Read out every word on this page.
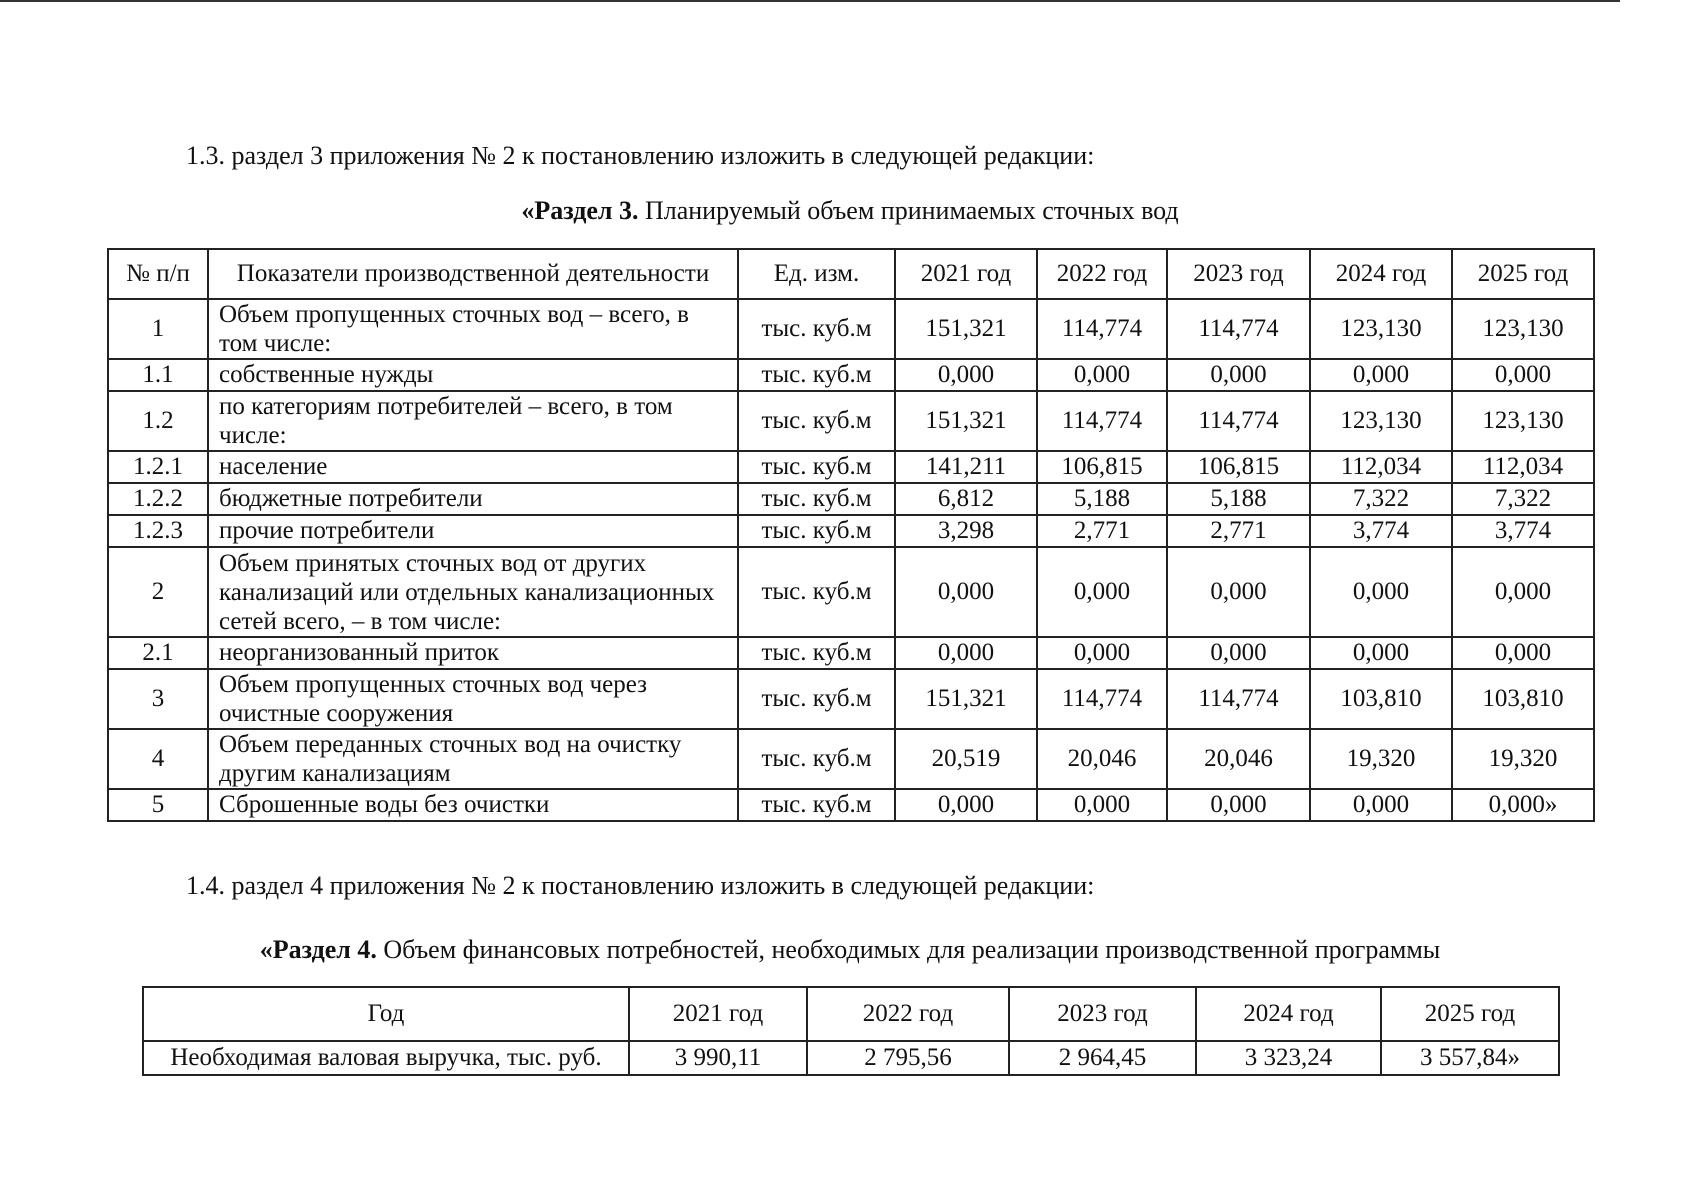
1.3. раздел 3 приложения № 2 к постановлению изложить в следующей редакции:
«Раздел 3. Планируемый объем принимаемых сточных вод
№ п/п	Показатели производственной деятельности	Ед. изм.	2021 год	2022 год	2023 год	2024 год	2025 год
1	Объем пропущенных сточных вод – всего, в том числе:	тыс. куб.м	151,321	114,774	114,774	123,130	123,130
1.1	собственные нужды	тыс. куб.м	0,000	0,000	0,000	0,000	0,000
1.2	по категориям потребителей – всего, в том числе:	тыс. куб.м	151,321	114,774	114,774	123,130	123,130
1.2.1	население	тыс. куб.м	141,211	106,815	106,815	112,034	112,034
1.2.2	бюджетные потребители	тыс. куб.м	6,812	5,188	5,188	7,322	7,322
1.2.3	прочие потребители	тыс. куб.м	3,298	2,771	2,771	3,774	3,774
2	Объем принятых сточных вод от других канализаций или отдельных канализационных сетей всего, – в том числе:	тыс. куб.м	0,000	0,000	0,000	0,000	0,000
2.1	неорганизованный приток	тыс. куб.м	0,000	0,000	0,000	0,000	0,000
3	Объем пропущенных сточных вод через очистные сооружения	тыс. куб.м	151,321	114,774	114,774	103,810	103,810
4	Объем переданных сточных вод на очистку другим канализациям	тыс. куб.м	20,519	20,046	20,046	19,320	19,320
5	Сброшенные воды без очистки	тыс. куб.м	0,000	0,000	0,000	0,000	0,000»
1.4. раздел 4 приложения № 2 к постановлению изложить в следующей редакции:
«Раздел 4. Объем финансовых потребностей, необходимых для реализации производственной программы
Год	2021 год	2022 год	2023 год	2024 год	2025 год
Необходимая валовая выручка, тыс. руб.	3 990,11	2 795,56	2 964,45	3 323,24	3 557,84»
